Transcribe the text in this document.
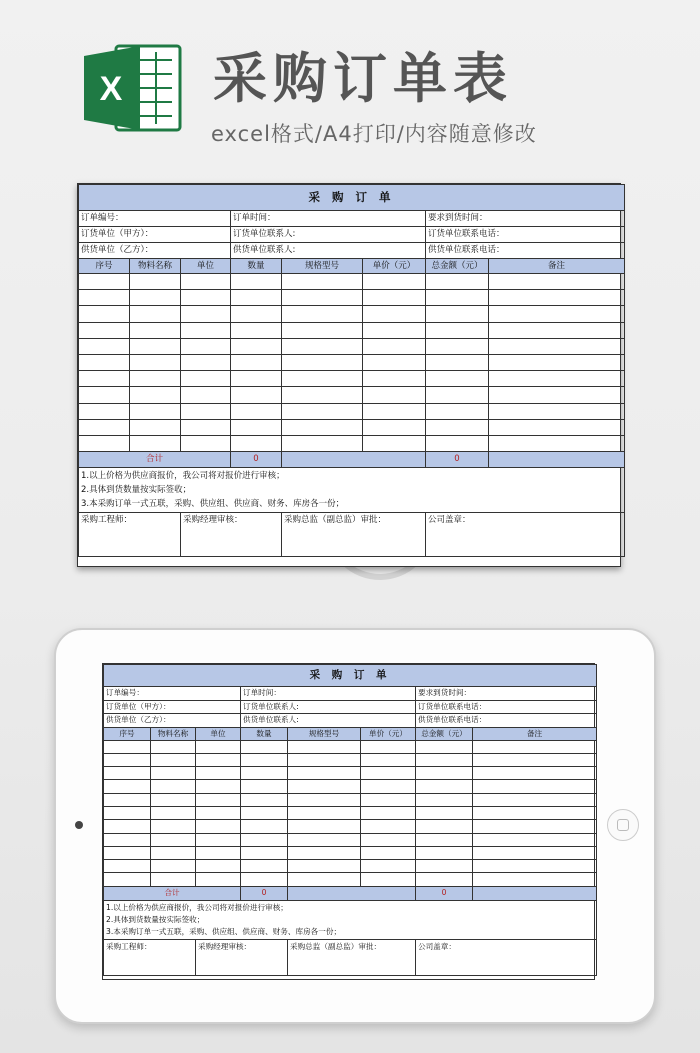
X 采购订单表
excel格式/A4打印/内容随意修改
采 购 订 单							
订单编号：			订单时间：			要求到货时间：	
订货单位（甲方）：			订货单位联系人:			订货单位联系电话：	
供货单位（乙方）：			供货单位联系人:			供货单位联系电话：	
序号	物料名称	单位	数量	规格型号	单价（元）	总金额（元）	备注

合计			0			0	
1.以上价格为供应商报价，我公司将对报价进行审核；							
2.具体到货数量按实际签收；							
3.本采购订单一式五联，采购、供应组、供应商、财务、库房各一份；							
采购工程师：		采购经理审核：		采购总监（副总监）审批：		公司盖章：	
采 购 订 单							
订单编号：			订单时间：			要求到货时间：	
订货单位（甲方）：			订货单位联系人:			订货单位联系电话：	
供货单位（乙方）：			供货单位联系人:			供货单位联系电话：	
序号	物料名称	单位	数量	规格型号	单价（元）	总金额（元）	备注

合计			0			0	
1.以上价格为供应商报价，我公司将对报价进行审核；							
2.具体到货数量按实际签收；							
3.本采购订单一式五联，采购、供应组、供应商、财务、库房各一份；							
采购工程师：		采购经理审核：		采购总监（副总监）审批：		公司盖章：	
